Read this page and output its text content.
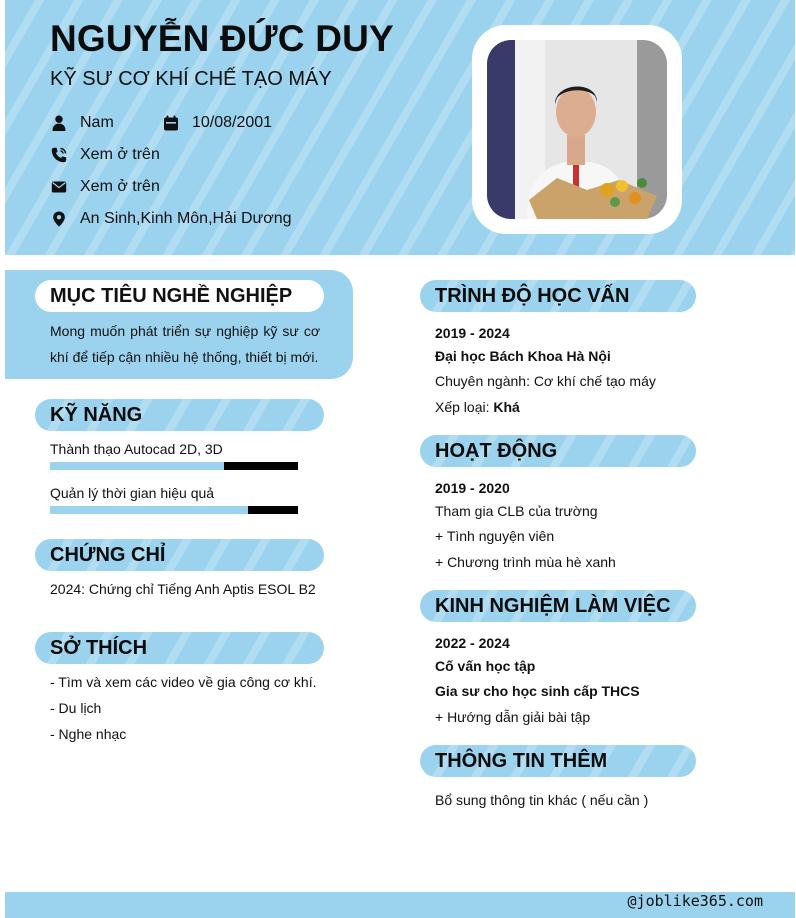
NGUYỄN ĐỨC DUY
KỸ SƯ CƠ KHÍ CHẾ TẠO MÁY
Nam	10/08/2001
Xem ở trên
Xem ở trên
An Sinh,Kinh Môn,Hải Dương
MỤC TIÊU NGHỀ NGHIỆP
Mong muốn phát triển sự nghiệp kỹ sư cơ khí để tiếp cận nhiều hệ thống, thiết bị mới.
KỸ NĂNG
Thành thạo Autocad 2D, 3D
Quản lý thời gian hiệu quả
CHỨNG CHỈ
2024: Chứng chỉ Tiếng Anh Aptis ESOL B2
SỞ THÍCH
- Tìm và xem các video về gia công cơ khí.
- Du lịch
- Nghe nhạc
TRÌNH ĐỘ HỌC VẤN
2019 - 2024
Đại học Bách Khoa Hà Nội
Chuyên ngành: Cơ khí chế tạo máy
Xếp loại: Khá
HOẠT ĐỘNG
2019 - 2020
Tham gia CLB của trường
+ Tình nguyện viên
+ Chương trình mùa hè xanh
KINH NGHIỆM LÀM VIỆC
2022 - 2024
Cố vấn học tập
Gia sư cho học sinh cấp THCS
+ Hướng dẫn giải bài tập
THÔNG TIN THÊM
Bổ sung thông tin khác ( nếu cần )
@joblike365.com
